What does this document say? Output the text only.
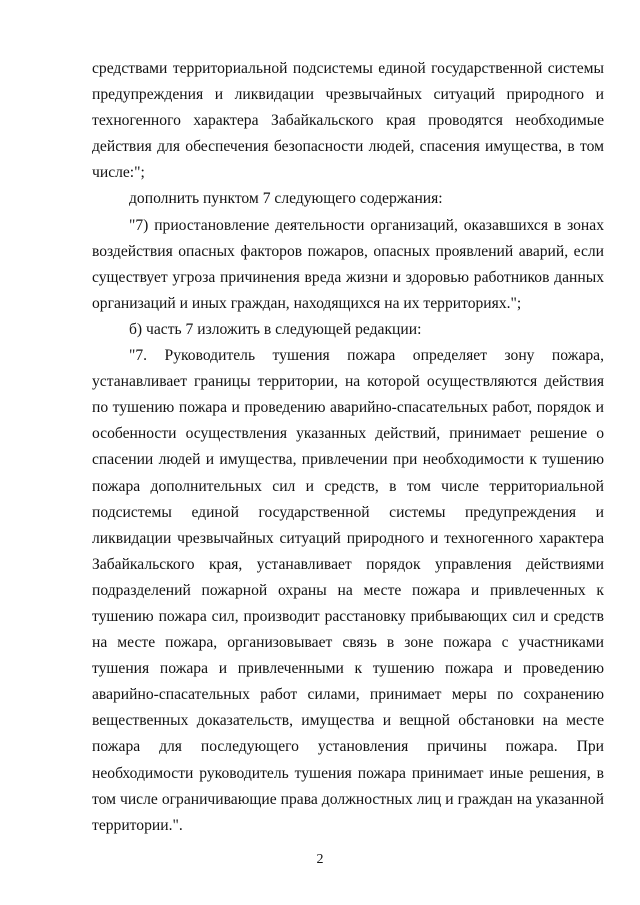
средствами территориальной подсистемы единой государственной системы предупреждения и ликвидации чрезвычайных ситуаций природного и техногенного характера Забайкальского края проводятся необходимые действия для обеспечения безопасности людей, спасения имущества, в том числе:";

дополнить пунктом 7 следующего содержания:

"7) приостановление деятельности организаций, оказавшихся в зонах воздействия опасных факторов пожаров, опасных проявлений аварий, если существует угроза причинения вреда жизни и здоровью работников данных организаций и иных граждан, находящихся на их территориях.";

б) часть 7 изложить в следующей редакции:

"7. Руководитель тушения пожара определяет зону пожара, устанавливает границы территории, на которой осуществляются действия по тушению пожара и проведению аварийно-спасательных работ, порядок и особенности осуществления указанных действий, принимает решение о спасении людей и имущества, привлечении при необходимости к тушению пожара дополнительных сил и средств, в том числе территориальной подсистемы единой государственной системы предупреждения и ликвидации чрезвычайных ситуаций природного и техногенного характера Забайкальского края, устанавливает порядок управления действиями подразделений пожарной охраны на месте пожара и привлеченных к тушению пожара сил, производит расстановку прибывающих сил и средств на месте пожара, организовывает связь в зоне пожара с участниками тушения пожара и привлеченными к тушению пожара и проведению аварийно-спасательных работ силами, принимает меры по сохранению вещественных доказательств, имущества и вещной обстановки на месте пожара для последующего установления причины пожара. При необходимости руководитель тушения пожара принимает иные решения, в том числе ограничивающие права должностных лиц и граждан на указанной территории.".

2
